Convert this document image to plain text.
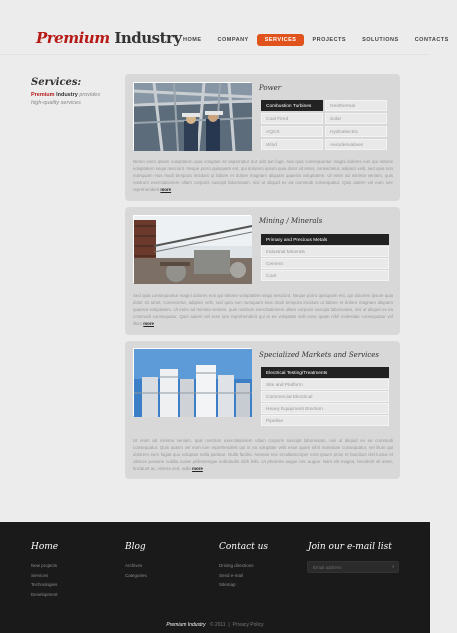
Premium Industry HOME	COMPANY	SERVICES	PROJECTS	SOLUTIONS	CONTACTS
Services:
Premium Industry provides high-quality services
Power
Combustion Turbines	Geothermal
Coal Fired	Solar
AQCS	Hydroelectric
Wind	Aeroderivatives
Nemo enim ipsam voluptatem quia voluptas sit aspernatur aut odit aut fugit, sed quia consequuntur magni dolores eos qui ratione voluptatem sequi nesciunt. Neque porro quisquam est, qui dolorem ipsum quia dolor sit amet, consectetur, adipisci velit, sed quia non numquam eius modi tempora incidunt ut labore et dolore magnam aliquam quaerat voluptatem. Ut enim ad minima veniam, quis nostrum exercitationem ullam corporis suscipit laboriosam, nisi ut aliquid ex ea commodi consequatur. Quis autem vel eum iure reprehenderit more
Mining / Minerals
Primary and Precious Metals
Industrial Minerals
Cement
Coal
Sed quia consequuntur magni dolores eos qui ratione voluptatem sequi nesciunt. Neque porro quisquam est, qui dolorem ipsum quia dolor sit amet, consectetur, adipisci velit, sed quia non numquam eius modi tempora incidunt ut labore et dolore magnam aliquam quaerat voluptatem. Ut enim ad minima veniam, quis nostrum exercitationem ullam corporis suscipit laboriosam, nisi ut aliquid ex ea commodi consequatur. Quis autem vel eum iure reprehenderit qui in ea voluptate velit esse quam nihil molestiae consequatur vel illum more
Specialized Markets and Services
Electrical Testing/Treatments
Site and Platform
Commercial Electrical
Heavy Equipment Erection
Pipeline
Ut enim ad minima veniam, quis nostrum exercitationem ullam corporis suscipit laboriosam, nisi ut aliquid ex ea commodi consequatur. Quis autem vel eum iure reprehenderit qui in ea voluptate velit esse quam nihil molestiae consequatur, vel illum qui dolorem eum fugiat quo voluptas nulla pariatur. Nulla facilisi. Aenean nec ercullamcorper eros ipsum proin et faucibus nisl luctus et ultrices posuere cubilia curae pellentesque sollicitudin nibh felis. Ut pharetra augue nec augue. Nam elit magna, hendrerit sit amet, tincidunt ac, viverra sed, nulla more
Home
New projects
Services
Technologies
Development
Blog
Archives
Categories
Contact us
Driving directions
Send e-mail
Sitemap
Join our e-mail list
Email address	›
Premium Industry © 2011  |  Privacy Policy
